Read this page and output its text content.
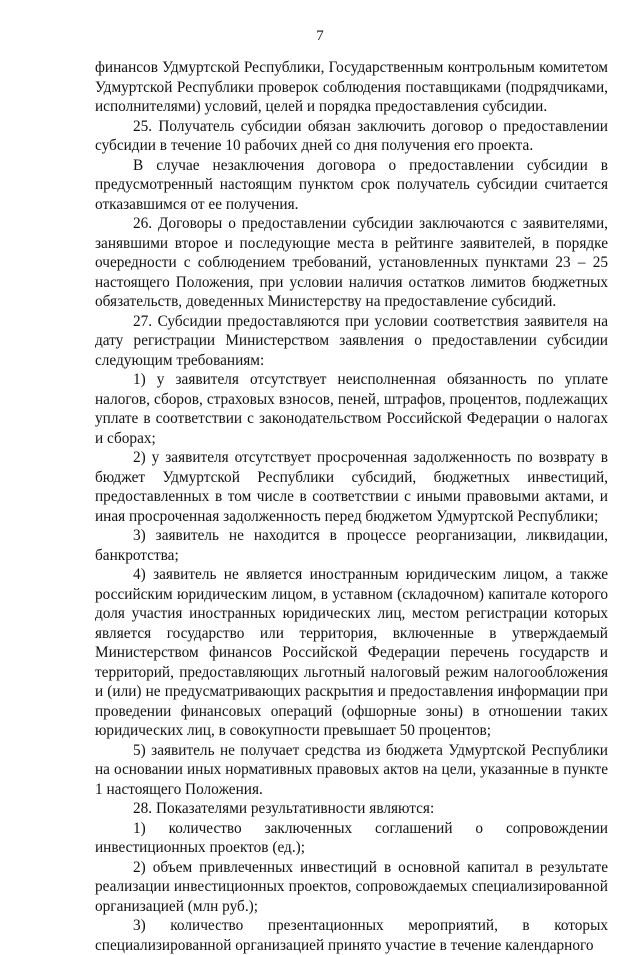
7

финансов Удмуртской Республики, Государственным контрольным комитетом Удмуртской Республики проверок соблюдения поставщиками (подрядчиками, исполнителями) условий, целей и порядка предоставления субсидии.

25. Получатель субсидии обязан заключить договор о предоставлении субсидии в течение 10 рабочих дней со дня получения его проекта.

В случае незаключения договора о предоставлении субсидии в предусмотренный настоящим пунктом срок получатель субсидии считается отказавшимся от ее получения.

26. Договоры о предоставлении субсидии заключаются с заявителями, занявшими второе и последующие места в рейтинге заявителей, в порядке очередности с соблюдением требований, установленных пунктами 23 – 25 настоящего Положения, при условии наличия остатков лимитов бюджетных обязательств, доведенных Министерству на предоставление субсидий.

27. Субсидии предоставляются при условии соответствия заявителя на дату регистрации Министерством заявления о предоставлении субсидии следующим требованиям:

1) у заявителя отсутствует неисполненная обязанность по уплате налогов, сборов, страховых взносов, пеней, штрафов, процентов, подлежащих уплате в соответствии с законодательством Российской Федерации о налогах и сборах;

2) у заявителя отсутствует просроченная задолженность по возврату в бюджет Удмуртской Республики субсидий, бюджетных инвестиций, предоставленных в том числе в соответствии с иными правовыми актами, и иная просроченная задолженность перед бюджетом Удмуртской Республики;

3) заявитель не находится в процессе реорганизации, ликвидации, банкротства;

4) заявитель не является иностранным юридическим лицом, а также российским юридическим лицом, в уставном (складочном) капитале которого доля участия иностранных юридических лиц, местом регистрации которых является государство или территория, включенные в утверждаемый Министерством финансов Российской Федерации перечень государств и территорий, предоставляющих льготный налоговый режим налогообложения и (или) не предусматривающих раскрытия и предоставления информации при проведении финансовых операций (офшорные зоны) в отношении таких юридических лиц, в совокупности превышает 50 процентов;

5) заявитель не получает средства из бюджета Удмуртской Республики на основании иных нормативных правовых актов на цели, указанные в пункте 1 настоящего Положения.

28. Показателями результативности являются:

1) количество заключенных соглашений о сопровождении инвестиционных проектов (ед.);

2) объем привлеченных инвестиций в основной капитал в результате реализации инвестиционных проектов, сопровождаемых специализированной организацией (млн руб.);

3) количество презентационных мероприятий, в которых специализированной организацией принято участие в течение календарного
